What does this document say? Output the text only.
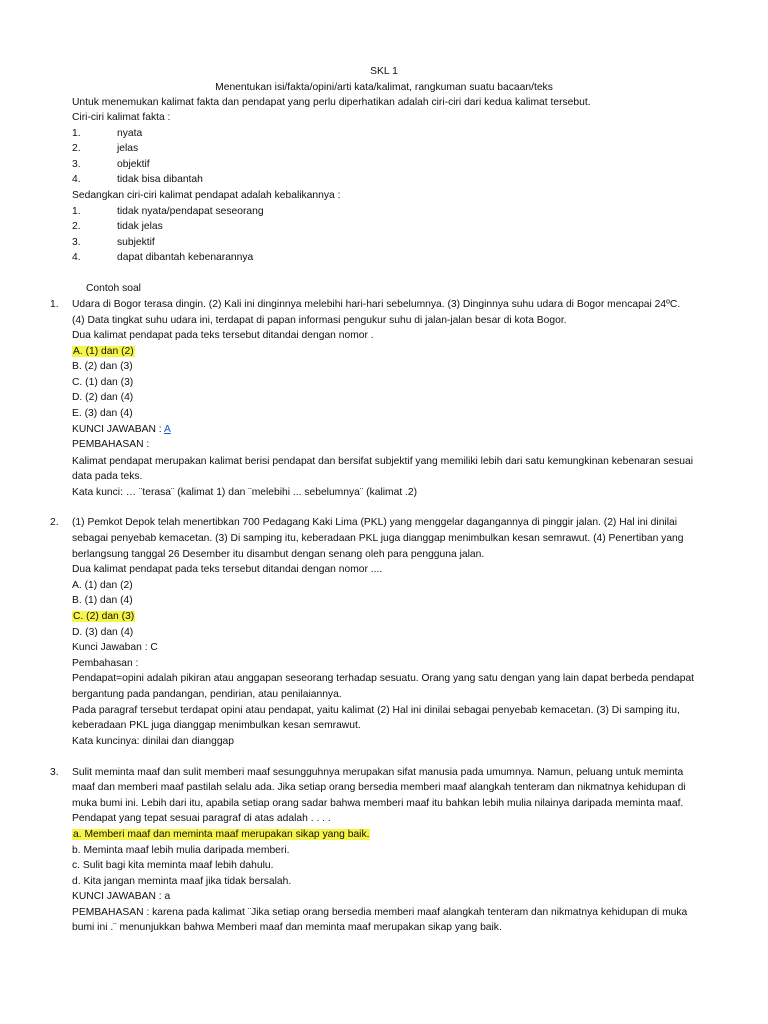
SKL 1
Menentukan isi/fakta/opini/arti kata/kalimat, rangkuman suatu bacaan/teks
Untuk menemukan kalimat fakta dan pendapat yang perlu diperhatikan adalah ciri-ciri dari kedua kalimat tersebut.
Ciri-ciri kalimat fakta :
1.	nyata
2.	jelas
3.	objektif
4.	tidak bisa dibantah
Sedangkan ciri-ciri kalimat pendapat adalah kebalikannya :
1.	tidak nyata/pendapat seseorang
2.	tidak jelas
3.	subjektif
4.	dapat dibantah kebenarannya
Contoh soal
1. Udara di Bogor terasa dingin. (2) Kali ini dinginnya melebihi hari-hari sebelumnya. (3) Dinginnya suhu udara di Bogor mencapai 24ºC.
(4) Data tingkat suhu udara ini, terdapat di papan informasi pengukur suhu di jalan-jalan besar di kota Bogor.
Dua kalimat pendapat pada teks tersebut ditandai dengan nomor .
A. (1) dan (2)
B. (2) dan (3)
C. (1) dan (3)
D. (2) dan (4)
E. (3) dan (4)
KUNCI JAWABAN : A
PEMBAHASAN :
Kalimat pendapat merupakan kalimat berisi pendapat dan bersifat subjektif yang memiliki lebih dari satu kemungkinan kebenaran sesuai
data pada teks.
Kata kunci: … ¨terasa¨ (kalimat 1) dan ¨melebihi ... sebelumnya¨ (kalimat .2)
2. (1) Pemkot Depok telah menertibkan 700 Pedagang Kaki Lima (PKL) yang menggelar dagangannya di pinggir jalan. (2) Hal ini dinilai
sebagai penyebab kemacetan. (3) Di samping itu, keberadaan PKL juga dianggap menimbulkan kesan semrawut. (4) Penertiban yang
berlangsung tanggal 26 Desember itu disambut dengan senang oleh para pengguna jalan.
Dua kalimat pendapat pada teks tersebut ditandai dengan nomor ....
A. (1) dan (2)
B. (1) dan (4)
C. (2) dan (3)
D. (3) dan (4)
Kunci Jawaban : C
Pembahasan :
Pendapat=opini adalah pikiran atau anggapan seseorang terhadap sesuatu. Orang yang satu dengan yang lain dapat berbeda pendapat
bergantung pada pandangan, pendirian, atau penilaiannya.
Pada paragraf tersebut terdapat opini atau pendapat, yaitu kalimat (2) Hal ini dinilai sebagai penyebab kemacetan. (3) Di samping itu,
keberadaan PKL juga dianggap menimbulkan kesan semrawut.
Kata kuncinya: dinilai dan dianggap
3. Sulit meminta maaf dan sulit memberi maaf sesungguhnya merupakan sifat manusia pada umumnya. Namun, peluang untuk meminta
maaf dan memberi maaf pastilah selalu ada. Jika setiap orang bersedia memberi maaf alangkah tenteram dan nikmatnya kehidupan di
muka bumi ini. Lebih dari itu, apabila setiap orang sadar bahwa memberi maaf itu bahkan lebih mulia nilainya daripada meminta maaf.
Pendapat yang tepat sesuai paragraf di atas adalah . . . .
a. Memberi maaf dan meminta maaf merupakan sikap yang baik.
b. Meminta maaf lebih mulia daripada memberi.
c. Sulit bagi kita meminta maaf lebih dahulu.
d. Kita jangan meminta maaf jika tidak bersalah.
KUNCI JAWABAN : a
PEMBAHASAN : karena pada kalimat ¨Jika setiap orang bersedia memberi maaf alangkah tenteram dan nikmatnya kehidupan di muka
bumi ini .¨ menunjukkan bahwa Memberi maaf dan meminta maaf merupakan sikap yang baik.
